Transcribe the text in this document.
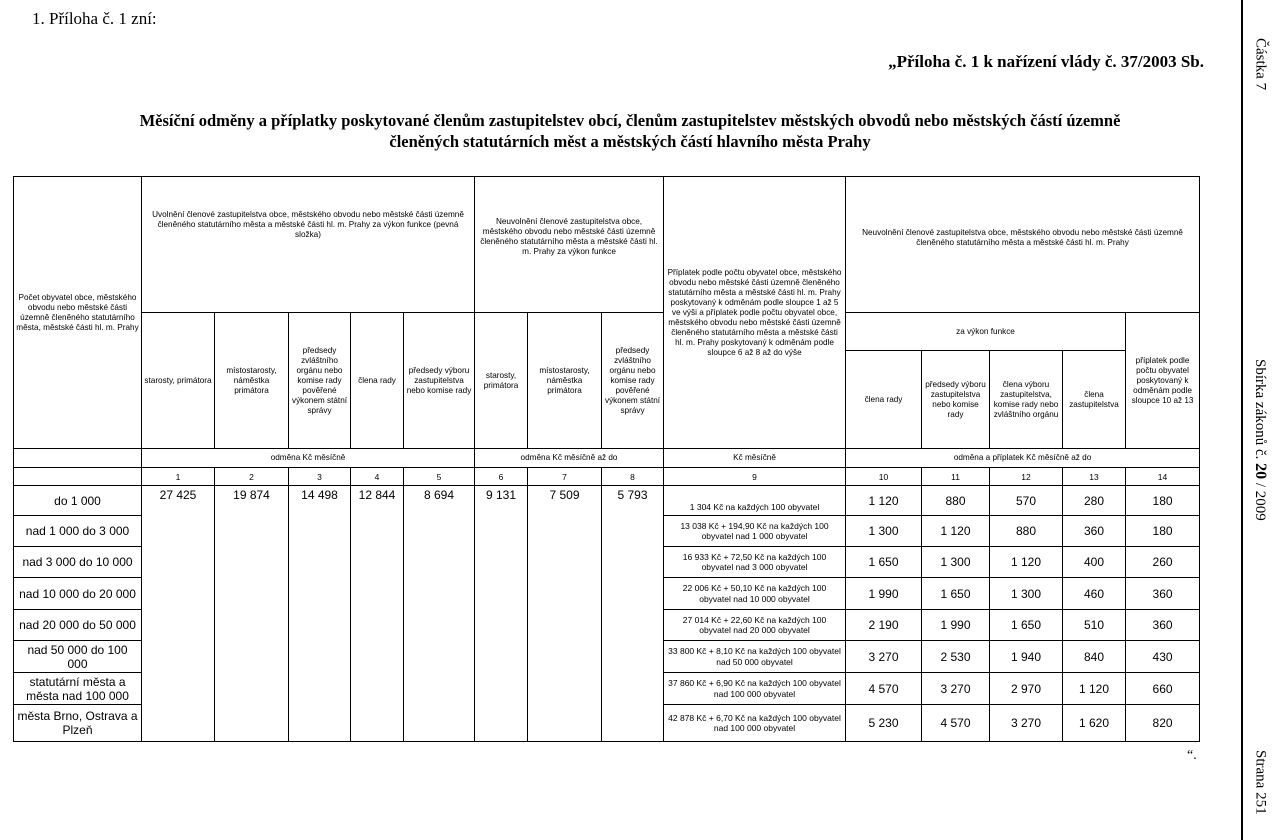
1. Příloha č. 1 zní:
„Příloha č. 1 k nařízení vlády č. 37/2003 Sb.
Měsíční odměny a příplatky poskytované členům zastupitelstev obcí, členům zastupitelstev městských obvodů nebo městských částí územně
členěných statutárních měst a městských částí hlavního města Prahy
Částka 7
Sbírka zákonů č. 20 / 2009
Strana 251
Počet obyvatel obce, městského obvodu nebo městské části územně členěného statutárního města, městské části hl. m. Prahy	Uvolnění členové zastupitelstva obce, městského obvodu nebo městské části územně členěného statutárního města a městské části hl. m. Prahy za výkon funkce (pevná složka)					Neuvolnění členové zastupitelstva obce, městského obvodu nebo městské části územně členěného statutárního města a městské části hl. m. Prahy za výkon funkce			Příplatek podle počtu obyvatel obce, městského obvodu nebo městské části územně členěného statutárního města a městské části hl. m. Prahy poskytovaný k odměnám podle sloupce 1 až 5 ve výši a příplatek podle počtu obyvatel obce, městského obvodu nebo městské části územně členěného statutárního města a městské části hl. m. Prahy poskytovaný k odměnám podle sloupce 6 až 8 až do výše	Neuvolnění členové zastupitelstva obce, městského obvodu nebo městské části územně členěného statutárního města a městské části hl. m. Prahy				
	starosty, primátora	místostarosty, náměstka primátora	předsedy zvláštního orgánu nebo komise rady pověřené výkonem státní správy	člena rady	předsedy výboru zastupitelstva nebo komise rady	starosty, primátora	místostarosty, náměstka primátora	předsedy zvláštního orgánu nebo komise rady pověřené výkonem státní správy		za výkon funkce				příplatek podle počtu obyvatel poskytovaný k odměnám podle sloupce 10 až 13
										člena rady	předsedy výboru zastupitelstva nebo komise rady	člena výboru zastupitelstva, komise rady nebo zvláštního orgánu	člena zastupitelstva	
	odměna Kč měsíčně					odměna Kč měsíčně až do			Kč měsíčně	odměna a příplatek Kč měsíčně až do				
	1	2	3	4	5	6	7	8	9	10	11	12	13	14
do 1 000	27 425	19 874	14 498	12 844	8 694	9 131	7 509	5 793	1 304 Kč na každých 100 obyvatel	1 120	880	570	280	180
nad 1 000 do 3 000									13 038 Kč + 194,90 Kč na každých 100 obyvatel nad 1 000 obyvatel	1 300	1 120	880	360	180
nad 3 000 do 10 000									16 933 Kč + 72,50 Kč na každých 100 obyvatel nad 3 000 obyvatel	1 650	1 300	1 120	400	260
nad 10 000 do 20 000									22 006 Kč + 50,10 Kč na každých 100 obyvatel nad 10 000 obyvatel	1 990	1 650	1 300	460	360
nad 20 000 do 50 000									27 014 Kč + 22,60 Kč na každých 100 obyvatel nad 20 000 obyvatel	2 190	1 990	1 650	510	360
nad 50 000 do 100 000									33 800 Kč + 8,10 Kč na každých 100 obyvatel nad 50 000 obyvatel	3 270	2 530	1 940	840	430
statutární města a města nad 100 000									37 860 Kč + 6,90 Kč na každých 100 obyvatel nad 100 000 obyvatel	4 570	3 270	2 970	1 120	660
města Brno, Ostrava a Plzeň									42 878 Kč + 6,70 Kč na každých 100 obyvatel nad 100 000 obyvatel	5 230	4 570	3 270	1 620	820
“.
